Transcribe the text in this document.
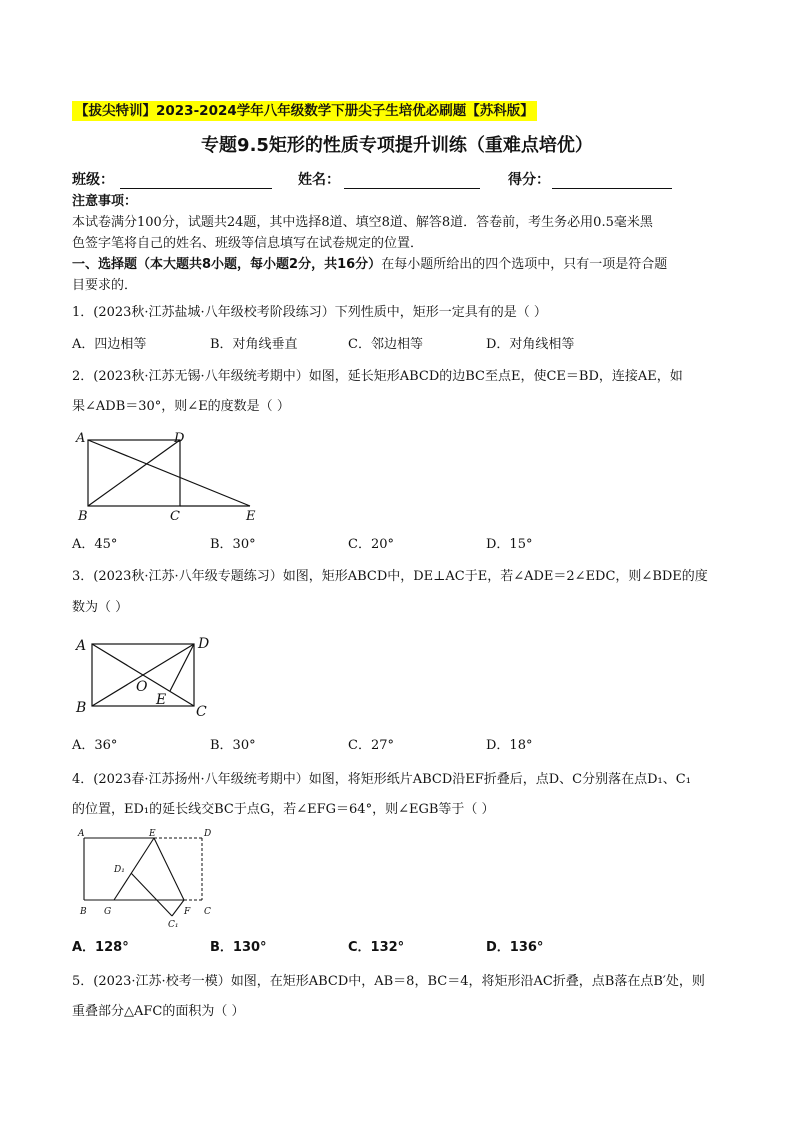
【拔尖特训】2023-2024学年八年级数学下册尖子生培优必刷题【苏科版】
专题9.5矩形的性质专项提升训练（重难点培优）
班级：	姓名：	得分：
注意事项：
本试卷满分100分，试题共24题，其中选择8道、填空8道、解答8道．答卷前，考生务必用0.5毫米黑
色签字笔将自己的姓名、班级等信息填写在试卷规定的位置．
一、选择题（本大题共8小题，每小题2分，共16分）在每小题所给出的四个选项中，只有一项是符合题
目要求的．
1．(2023秋·江苏盐城·八年级校考阶段练习）下列性质中，矩形一定具有的是（ ）
A．四边相等	B．对角线垂直	C．邻边相等	D．对角线相等
2．(2023秋·江苏无锡·八年级统考期中）如图，延长矩形ABCD的边BC至点E，使CE＝BD，连接AE，如
果∠ADB＝30°，则∠E的度数是（ ）
A	D
B	C	E
A．45°	B．30°	C．20°	D．15°
3．(2023秋·江苏·八年级专题练习）如图，矩形ABCD中，DE⊥AC于E，若∠ADE＝2∠EDC，则∠BDE的度
数为（ ）
A	D
B	C
O
E
A．36°	B．30°	C．27°	D．18°
4．(2023春·江苏扬州·八年级统考期中）如图，将矩形纸片ABCD沿EF折叠后，点D、C分别落在点D₁、C₁
的位置，ED₁的延长线交BC于点G，若∠EFG＝64°，则∠EGB等于（ ）
A	E	D
D₁
B G	F C
C₁
A．128°	B．130°	C．132°	D．136°
5．(2023·江苏·校考一模）如图，在矩形ABCD中，AB＝8，BC＝4，将矩形沿AC折叠，点B落在点B′处，则
重叠部分△AFC的面积为（ ）
